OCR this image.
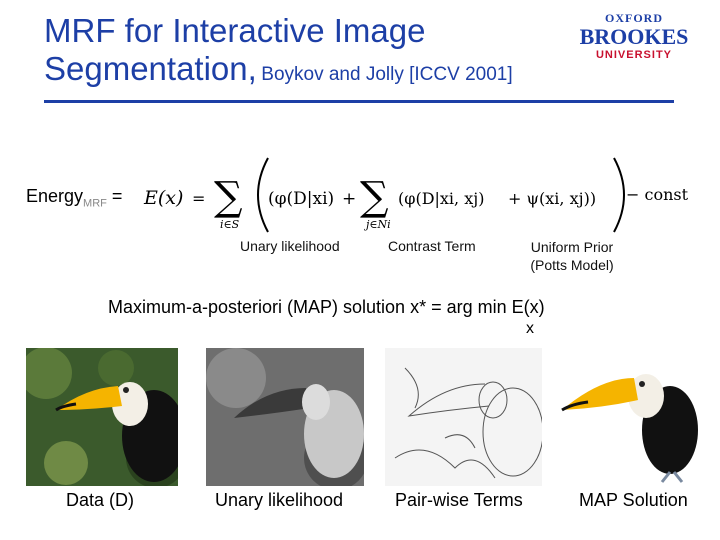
MRF for Interactive Image
Segmentation, Boykov and Jolly [ICCV 2001]
OXFORD
BROOKES
UNIVERSITY
Energy$_{MRF}$ = E(x) = ∑
i∈S
(φ(D|xi) + ∑
j∈Ni
(φ(D|xi, xj) + ψ(xi, xj)) − const
Unary likelihood	Contrast Term	Uniform Prior
(Potts Model)
Maximum-a-posteriori (MAP) solution x* = arg min E(x)
x
Data (D)	Unary likelihood	Pair-wise Terms	MAP Solution
